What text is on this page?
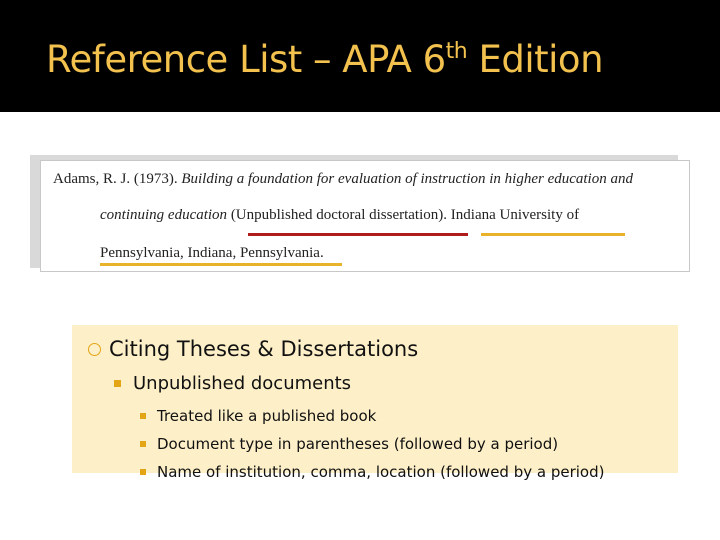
Reference List – APA 6th Edition
Adams, R. J. (1973). Building a foundation for evaluation of instruction in higher education and
continuing education (Unpublished doctoral dissertation). Indiana University of
Pennsylvania, Indiana, Pennsylvania.
Citing Theses & Dissertations
Unpublished documents
Treated like a published book
Document type in parentheses (followed by a period)
Name of institution, comma, location (followed by a period)
